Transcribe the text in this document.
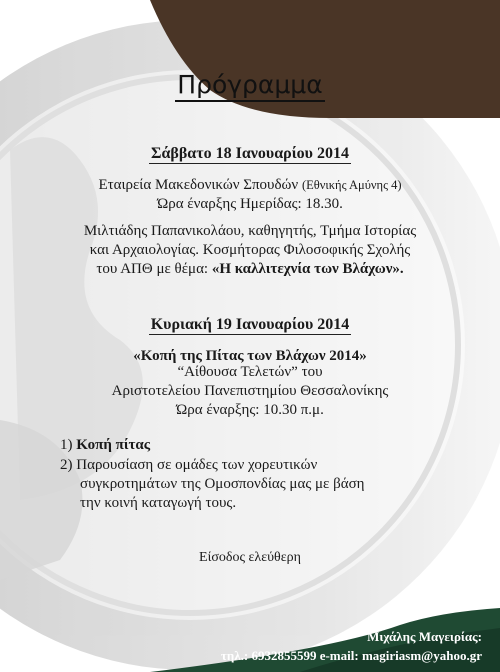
Πρόγραμμα
Σάββατο 18 Ιανουαρίου 2014
Εταιρεία Μακεδονικών Σπουδών (Εθνικής Αμύνης 4)
Ώρα έναρξης Ημερίδας: 18.30.
Μιλτιάδης Παπανικολάου, καθηγητής, Τμήμα Ιστορίας
και Αρχαιολογίας. Κοσμήτορας Φιλοσοφικής Σχολής
του ΑΠΘ με θέμα: «Η καλλιτεχνία των Βλάχων».
Κυριακή 19 Ιανουαρίου 2014
«Κοπή της Πίτας των Βλάχων 2014»
“Αίθουσα Τελετών” του
Αριστοτελείου Πανεπιστημίου Θεσσαλονίκης
Ώρα έναρξης: 10.30 π.μ.
1) Κοπή πίτας
2) Παρουσίαση σε ομάδες των χορευτικών
συγκροτημάτων της Ομοσπονδίας μας με βάση
την κοινή καταγωγή τους.
Είσοδος ελεύθερη
Μιχάλης Μαγειρίας:
τηλ.: 6932855599 e-mail: magiriasm@yahoo.gr
